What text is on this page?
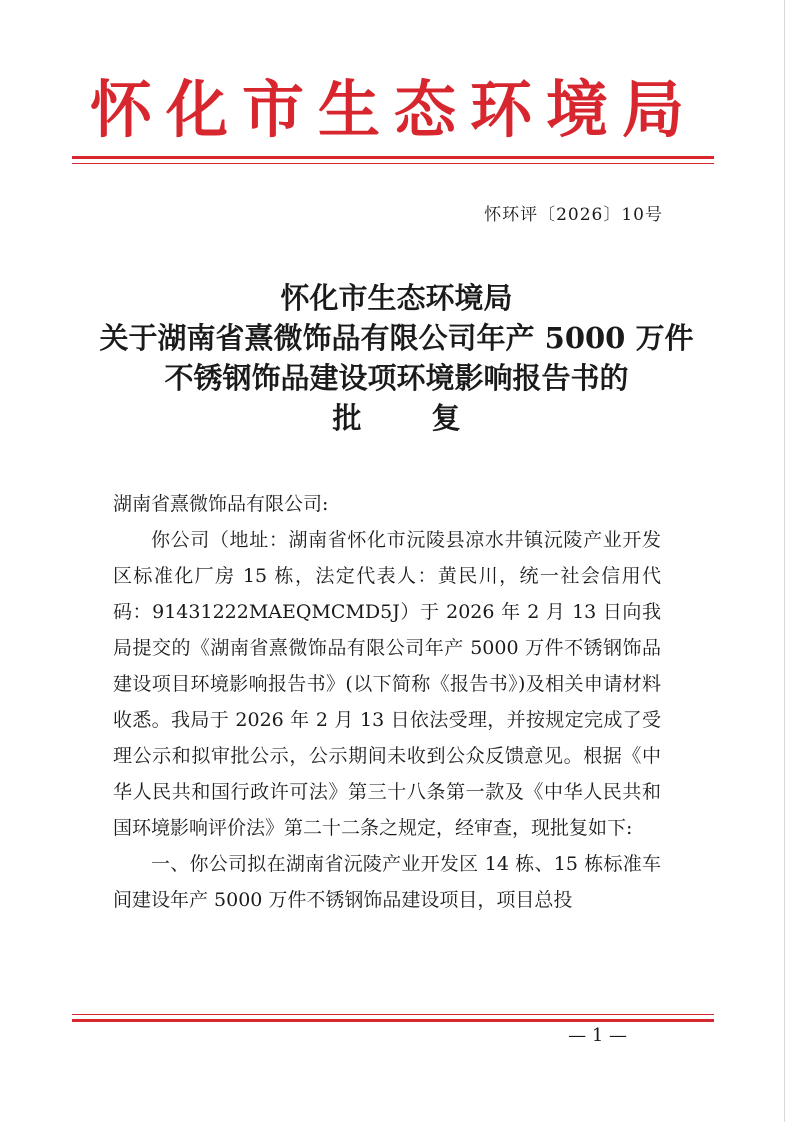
怀化市生态环境局
怀环评〔2026〕10号
怀化市生态环境局
关于湖南省熹微饰品有限公司年产 5000 万件
不锈钢饰品建设项环境影响报告书的
批 复
湖南省熹微饰品有限公司:
你公司（地址：湖南省怀化市沅陵县凉水井镇沅陵产业开发区标准化厂房 15 栋，法定代表人：黄民川，统一社会信用代码：91431222MAEQMCMD5J）于 2026 年 2 月 13 日向我局提交的《湖南省熹微饰品有限公司年产 5000 万件不锈钢饰品建设项目环境影响报告书》(以下简称《报告书》)及相关申请材料收悉。我局于 2026 年 2 月 13 日依法受理，并按规定完成了受理公示和拟审批公示，公示期间未收到公众反馈意见。根据《中华人民共和国行政许可法》第三十八条第一款及《中华人民共和国环境影响评价法》第二十二条之规定，经审查，现批复如下:
一、你公司拟在湖南省沅陵产业开发区 14 栋、15 栋标准车间建设年产 5000 万件不锈钢饰品建设项目，项目总投
— 1 —
